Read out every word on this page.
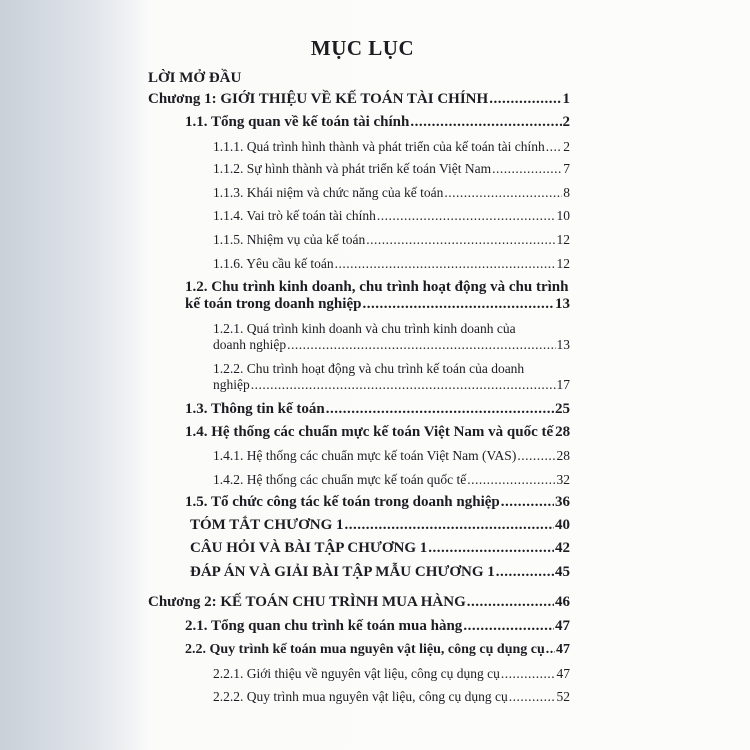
MỤC LỤC
LỜI MỞ ĐẦU
Chương 1: GIỚI THIỆU VỀ KẾ TOÁN TÀI CHÍNH .....	1
1.1. Tổng quan về kế toán tài chính .....	2
1.1.1. Quá trình hình thành và phát triển của kế toán tài chính ..... 2
1.1.2. Sự hình thành và phát triển kế toán Việt Nam .....	7
1.1.3. Khái niệm và chức năng của kế toán .....	8
1.1.4. Vai trò kế toán tài chính .....	10
1.1.5. Nhiệm vụ của kế toán .....	12
1.1.6. Yêu cầu kế toán .....	12
1.2. Chu trình kinh doanh, chu trình hoạt động và chu trình
kế toán trong doanh nghiệp .....	13
1.2.1. Quá trình kinh doanh và chu trình kinh doanh của
doanh nghiệp .....	13
1.2.2. Chu trình hoạt động và chu trình kế toán của doanh
nghiệp .....	17
1.3. Thông tin kế toán .....	25
1.4. Hệ thống các chuẩn mực kế toán Việt Nam và quốc tế 28
1.4.1. Hệ thống các chuẩn mực kế toán Việt Nam (VAS) .....	28
1.4.2. Hệ thống các chuẩn mực kế toán quốc tế .....	32
1.5. Tổ chức công tác kế toán trong doanh nghiệp .....	36
TÓM TẮT CHƯƠNG 1 .....	40
CÂU HỎI VÀ BÀI TẬP CHƯƠNG 1 .....	42
ĐÁP ÁN VÀ GIẢI BÀI TẬP MẪU CHƯƠNG 1 .....	45
Chương 2: KẾ TOÁN CHU TRÌNH MUA HÀNG .....	46
2.1. Tổng quan chu trình kế toán mua hàng .....	47
2.2. Quy trình kế toán mua nguyên vật liệu, công cụ dụng cụ ..... 47
2.2.1. Giới thiệu về nguyên vật liệu, công cụ dụng cụ .....	47
2.2.2. Quy trình mua nguyên vật liệu, công cụ dụng cụ .....	52
